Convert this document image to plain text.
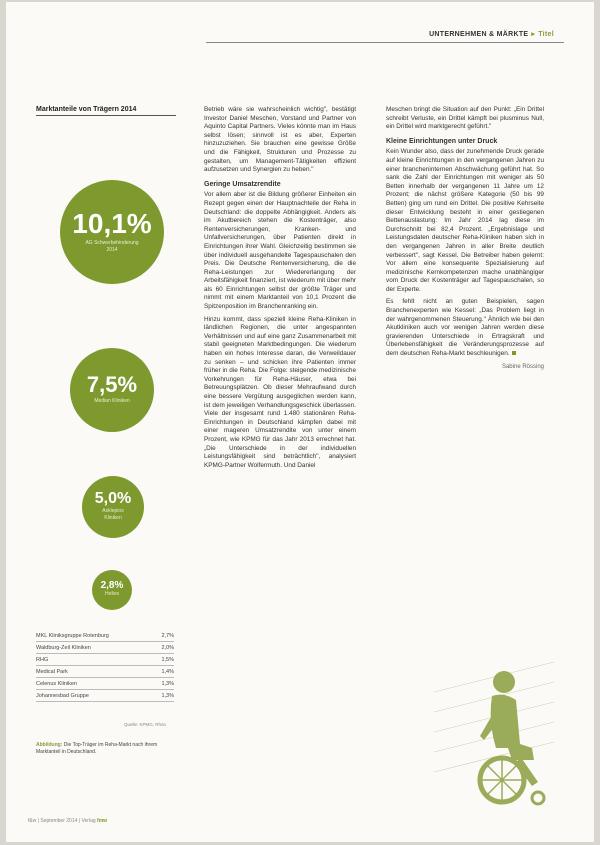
UNTERNEHMEN & MÄRKTE ▸ Titel
Marktanteile von Trägern 2014
10,1%
AG Schwerbehinderung
2014
7,5%
Median Kliniken
5,0%
Asklepios
Kliniken
2,8%
Helios
MKL Kliniksgruppe Rotenburg	2,7%
Waldburg-Zeil Kliniken	2,0%
RHG	1,5%
Medical Park	1,4%
Celenus Kliniken	1,3%
Johannesbad Gruppe	1,3%
Quelle: KPMG, Rhön
Abbildung: Die Top-Träger im Reha-Markt nach ihrem Marktanteil in Deutschland.

Betrieb wäre sie wahrscheinlich wichtig", bestätigt Investor Daniel Meschen, Vorstand und Partner von Aquinto Capital Partners. Vieles könnte man im Haus selbst lösen; sinnvoll ist es aber, Experten hinzuzuziehen. Sie brauchen eine gewisse Größe und die Fähigkeit, Strukturen und Prozesse zu gestalten, um Management-Tätigkeiten effizient aufzusetzen und Synergien zu heben."

Geringe Umsatzrendite

Vor allem aber ist die Bildung größerer Einheiten ein Rezept gegen einen der Hauptnachteile der Reha in Deutschland: die doppelte Abhängigkeit. Anders als im Akutbereich stehen die Kostenträger, also Rentenversicherungen, Kranken- und Unfallversicherungen, über Patienten direkt in Einrichtungen ihrer Wahl. Gleichzeitig bestimmen sie über individuell ausgehandelte Tagespauschalen den Preis. Die Deutsche Rentenversicherung, die die Reha-Leistungen zur Wiedererlangung der Arbeitsfähigkeit finanziert, ist wiederum mit über mehr als 60 Einrichtungen selbst der größte Träger und nimmt mit einem Marktanteil von 10,1 Prozent die Spitzenposition im Branchenranking ein.

Hinzu kommt, dass speziell kleine Reha-Kliniken in ländlichen Regionen, die unter angespannten Verhältnissen und auf eine ganz Zusammenarbeit mit stabil geeigneten Marktbedingungen. Die wiederum haben ein hohes Interesse daran, die Verweildauer zu senken – und schicken ihre Patienten immer früher in die Reha. Die Folge: steigende medizinische Vorkehrungen für Reha-Häuser, etwa bei Betreuungsplätzen. Ob dieser Mehraufwand durch eine bessere Vergütung ausgeglichen werden kann, ist dem jeweiligen Verhandlungsgeschick überlassen. Viele der insgesamt rund 1.480 stationären Reha-Einrichtungen in Deutschland kämpfen dabei mit einer mageren Umsatzrendite von unter einem Prozent, wie KPMG für das Jahr 2013 errechnet hat. „Die Unterschiede in der individuellen Leistungsfähigkeit sind beträchtlich", analysiert KPMG-Partner Wolfermuth. Und Daniel

Meschen bringt die Situation auf den Punkt: „Ein Drittel schreibt Verluste, ein Drittel kämpft bei plusminus Null, ein Drittel wird marktgerecht geführt."

Kleine Einrichtungen unter Druck

Kein Wunder also, dass der zunehmende Druck gerade auf kleine Einrichtungen in den vergangenen Jahren zu einer brancheninternen Abschwächung geführt hat. So sank die Zahl der Einrichtungen mit weniger als 50 Betten innerhalb der vergangenen 11 Jahre um 12 Prozent; die nächst größere Kategorie (50 bis 99 Betten) ging um rund ein Drittel. Die positive Kehrseite dieser Entwicklung besteht in einer gestiegenen Bettenauslastung: Im Jahr 2014 lag diese im Durchschnitt bei 82,4 Prozent. „Ergebnislage und Leistungsdaten deutscher Reha-Kliniken haben sich in den vergangenen Jahren in aller Breite deutlich verbessert", sagt Kessel. Die Betreiber haben gelernt: Vor allem eine konsequente Spezialisierung auf medizinische Kernkompetenzen mache unabhängiger vom Druck der Kostenträger auf Tagespauschalen, so der Experte.

Es fehlt nicht an guten Beispielen, sagen Branchenexperten wie Kessel: „Das Problem liegt in der wahrgenommenen Steuerung." Ähnlich wie bei den Akutkliniken auch vor wenigen Jahren werden diese gravierenden Unterschiede in Ertragskraft und Überlebensfähigkeit die Veränderungsprozesse auf dem deutschen Reha-Markt beschleunigen.

Sabine Rössing
f&w | September 2014 | Verlag fmw
